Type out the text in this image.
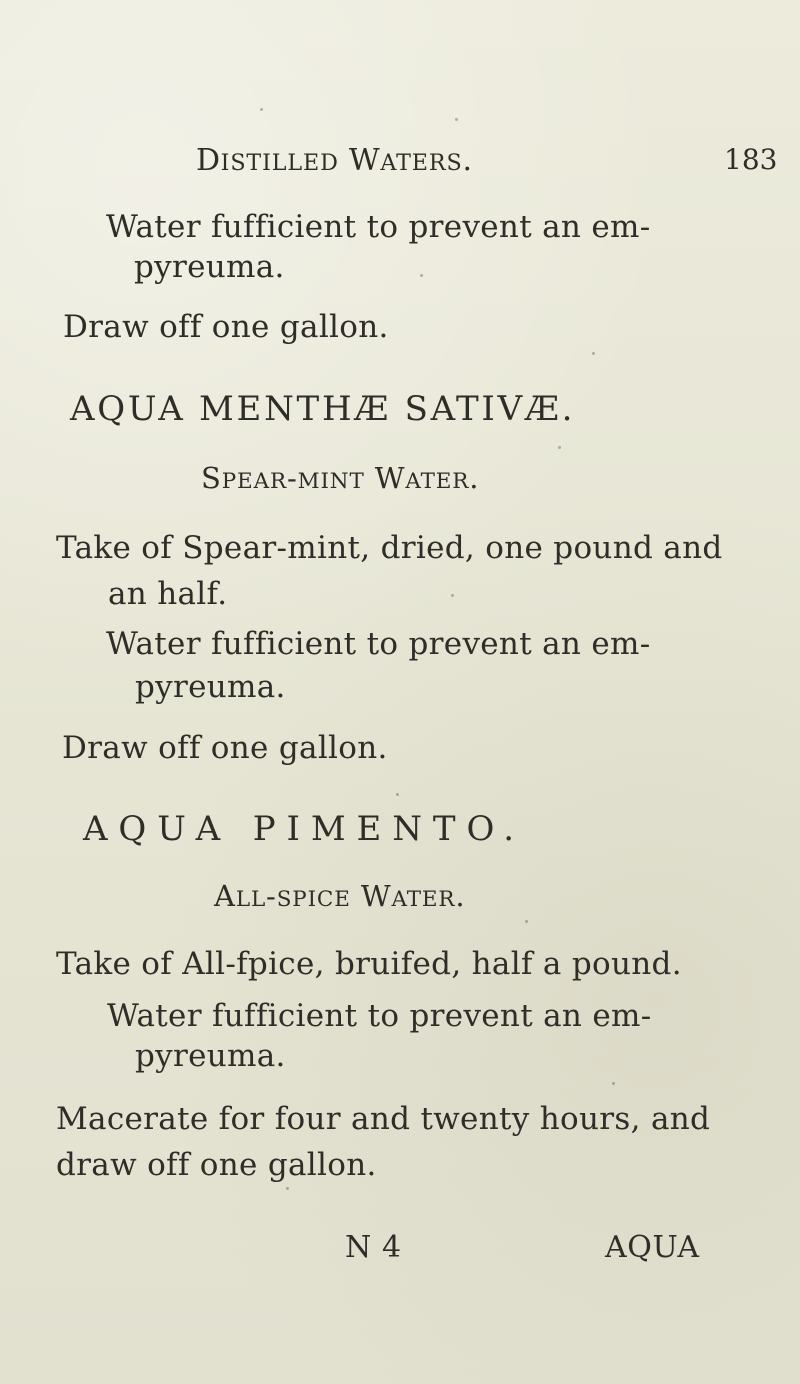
DISTILLED WATERS.	183
Water fufficient to prevent an em-
pyreuma.
Draw off one gallon.
AQUA MENTHÆ SATIVÆ.
SPEAR-MINT WATER.
Take of Spear-mint, dried, one pound and
an half.
Water fufficient to prevent an em-
pyreuma.
Draw off one gallon.
AQUA PIMENTO.
ALL-SPICE WATER.
Take of All-fpice, bruifed, half a pound.
Water fufficient to prevent an em-
pyreuma.
Macerate for four and twenty hours, and
draw off one gallon.
N 4	AQUA
